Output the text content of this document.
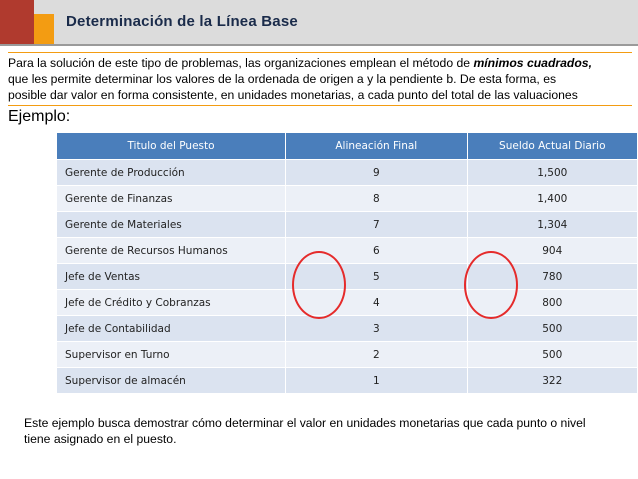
Determinación de la Línea Base
Para la solución de este tipo de problemas, las organizaciones emplean el método de mínimos cuadrados,
que les permite determinar los valores de la ordenada de origen a y la pendiente b. De esta forma, es
posible dar valor en forma consistente, en unidades monetarias, a cada punto del total de las valuaciones
Ejemplo:
Titulo del Puesto	Alineación Final	Sueldo Actual Diario
Gerente de Producción	9	1,500
Gerente de Finanzas	8	1,400
Gerente de Materiales	7	1,304
Gerente de Recursos Humanos	6	904
Jefe de Ventas	5	780
Jefe de Crédito y Cobranzas	4	800
Jefe de Contabilidad	3	500
Supervisor en Turno	2	500
Supervisor de almacén	1	322
Este ejemplo busca demostrar cómo determinar el valor en unidades monetarias que cada punto o nivel
tiene asignado en el puesto.
